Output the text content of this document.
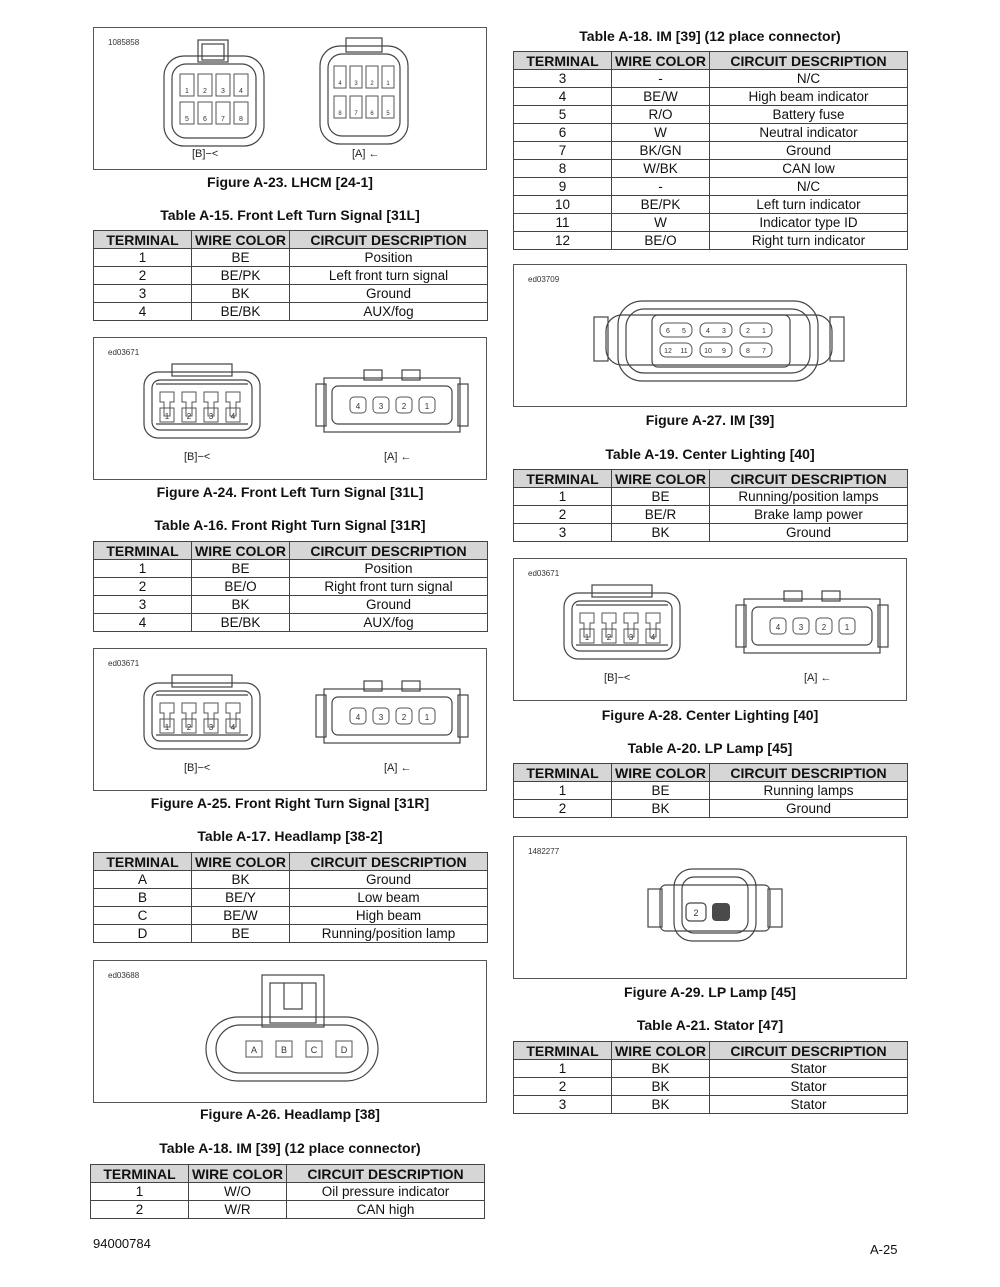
1085858
1 2 3 4
5 6 7 8
4 3 2 1
8 7 6 5
[B]−<	[A] ←
Figure A-23. LHCM [24-1]
Table A-15. Front Left Turn Signal [31L]
TERMINAL	WIRE COLOR	CIRCUIT DESCRIPTION
1	BE	Position
2	BE/PK	Left front turn signal
3	BK	Ground
4	BE/BK	AUX/fog
ed03671
1 2 3 4
4 3 2 1
[B]−<	[A] ←
Figure A-24. Front Left Turn Signal [31L]
Table A-16. Front Right Turn Signal [31R]
TERMINAL	WIRE COLOR	CIRCUIT DESCRIPTION
1	BE	Position
2	BE/O	Right front turn signal
3	BK	Ground
4	BE/BK	AUX/fog
ed03671
1 2 3 4
4 3 2 1
[B]−<	[A] ←
Figure A-25. Front Right Turn Signal [31R]
Table A-17. Headlamp [38-2]
TERMINAL	WIRE COLOR	CIRCUIT DESCRIPTION
A	BK	Ground
B	BE/Y	Low beam
C	BE/W	High beam
D	BE	Running/position lamp
ed03688
A	B	C	D
Figure A-26. Headlamp [38]
Table A-18. IM [39] (12 place connector)
TERMINAL	WIRE COLOR	CIRCUIT DESCRIPTION
1	W/O	Oil pressure indicator
2	W/R	CAN high
94000784
Table A-18. IM [39] (12 place connector)
TERMINAL	WIRE COLOR	CIRCUIT DESCRIPTION
3	-	N/C
4	BE/W	High beam indicator
5	R/O	Battery fuse
6	W	Neutral indicator
7	BK/GN	Ground
8	W/BK	CAN low
9	-	N/C
10	BE/PK	Left turn indicator
11	W	Indicator type ID
12	BE/O	Right turn indicator
ed03709
6 5	4 3	2 1
12 11 10 9	8 7
Figure A-27. IM [39]
Table A-19. Center Lighting [40]
TERMINAL	WIRE COLOR	CIRCUIT DESCRIPTION
1	BE	Running/position lamps
2	BE/R	Brake lamp power
3	BK	Ground
ed03671
1 2 3 4
4 3 2 1
[B]−<	[A] ←
Figure A-28. Center Lighting [40]
Table A-20. LP Lamp [45]
TERMINAL	WIRE COLOR	CIRCUIT DESCRIPTION
1	BE	Running lamps
2	BK	Ground
1482277
2
Figure A-29. LP Lamp [45]
Table A-21. Stator [47]
TERMINAL	WIRE COLOR	CIRCUIT DESCRIPTION
1	BK	Stator
2	BK	Stator
3	BK	Stator
A-25
